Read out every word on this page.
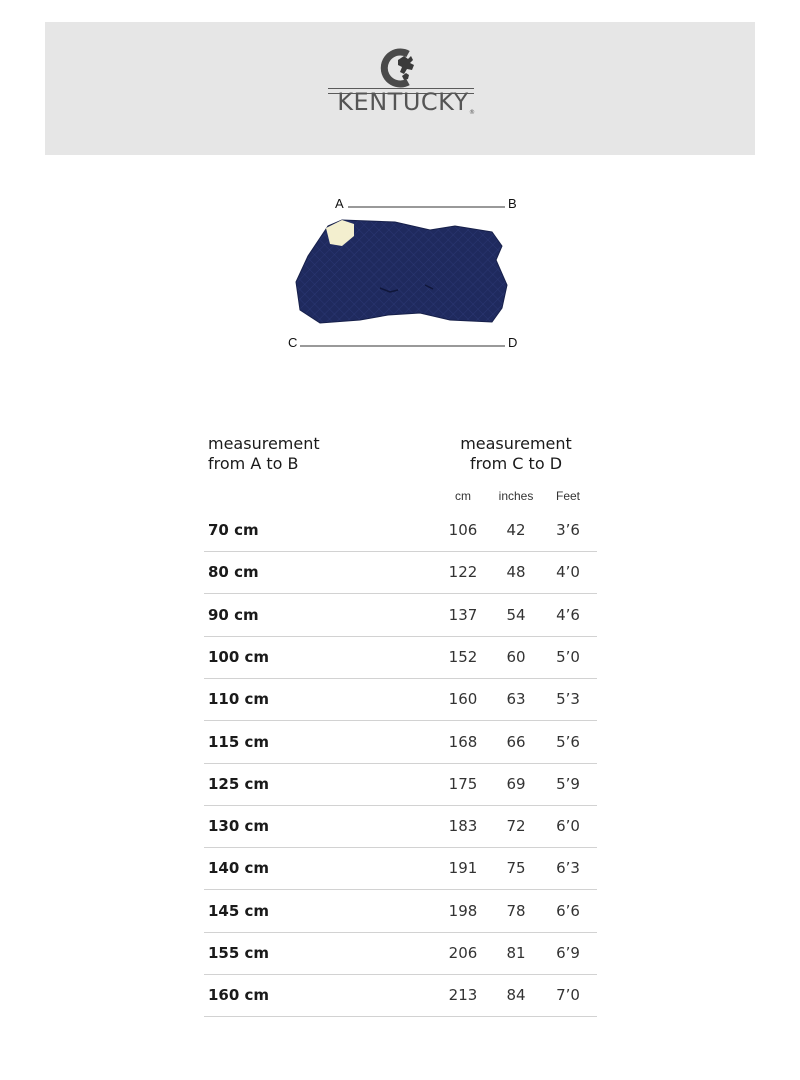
KENTUCKY ®
A	B
C	D
measurement
from A to B
measurement
from C to D
cm	inches	Feet
70 cm	106	42	3’6
80 cm	122	48	4’0
90 cm	137	54	4’6
100 cm	152	60	5’0
110 cm	160	63	5’3
115 cm	168	66	5’6
125 cm	175	69	5’9
130 cm	183	72	6’0
140 cm	191	75	6’3
145 cm	198	78	6’6
155 cm	206	81	6’9
160 cm	213	84	7’0
